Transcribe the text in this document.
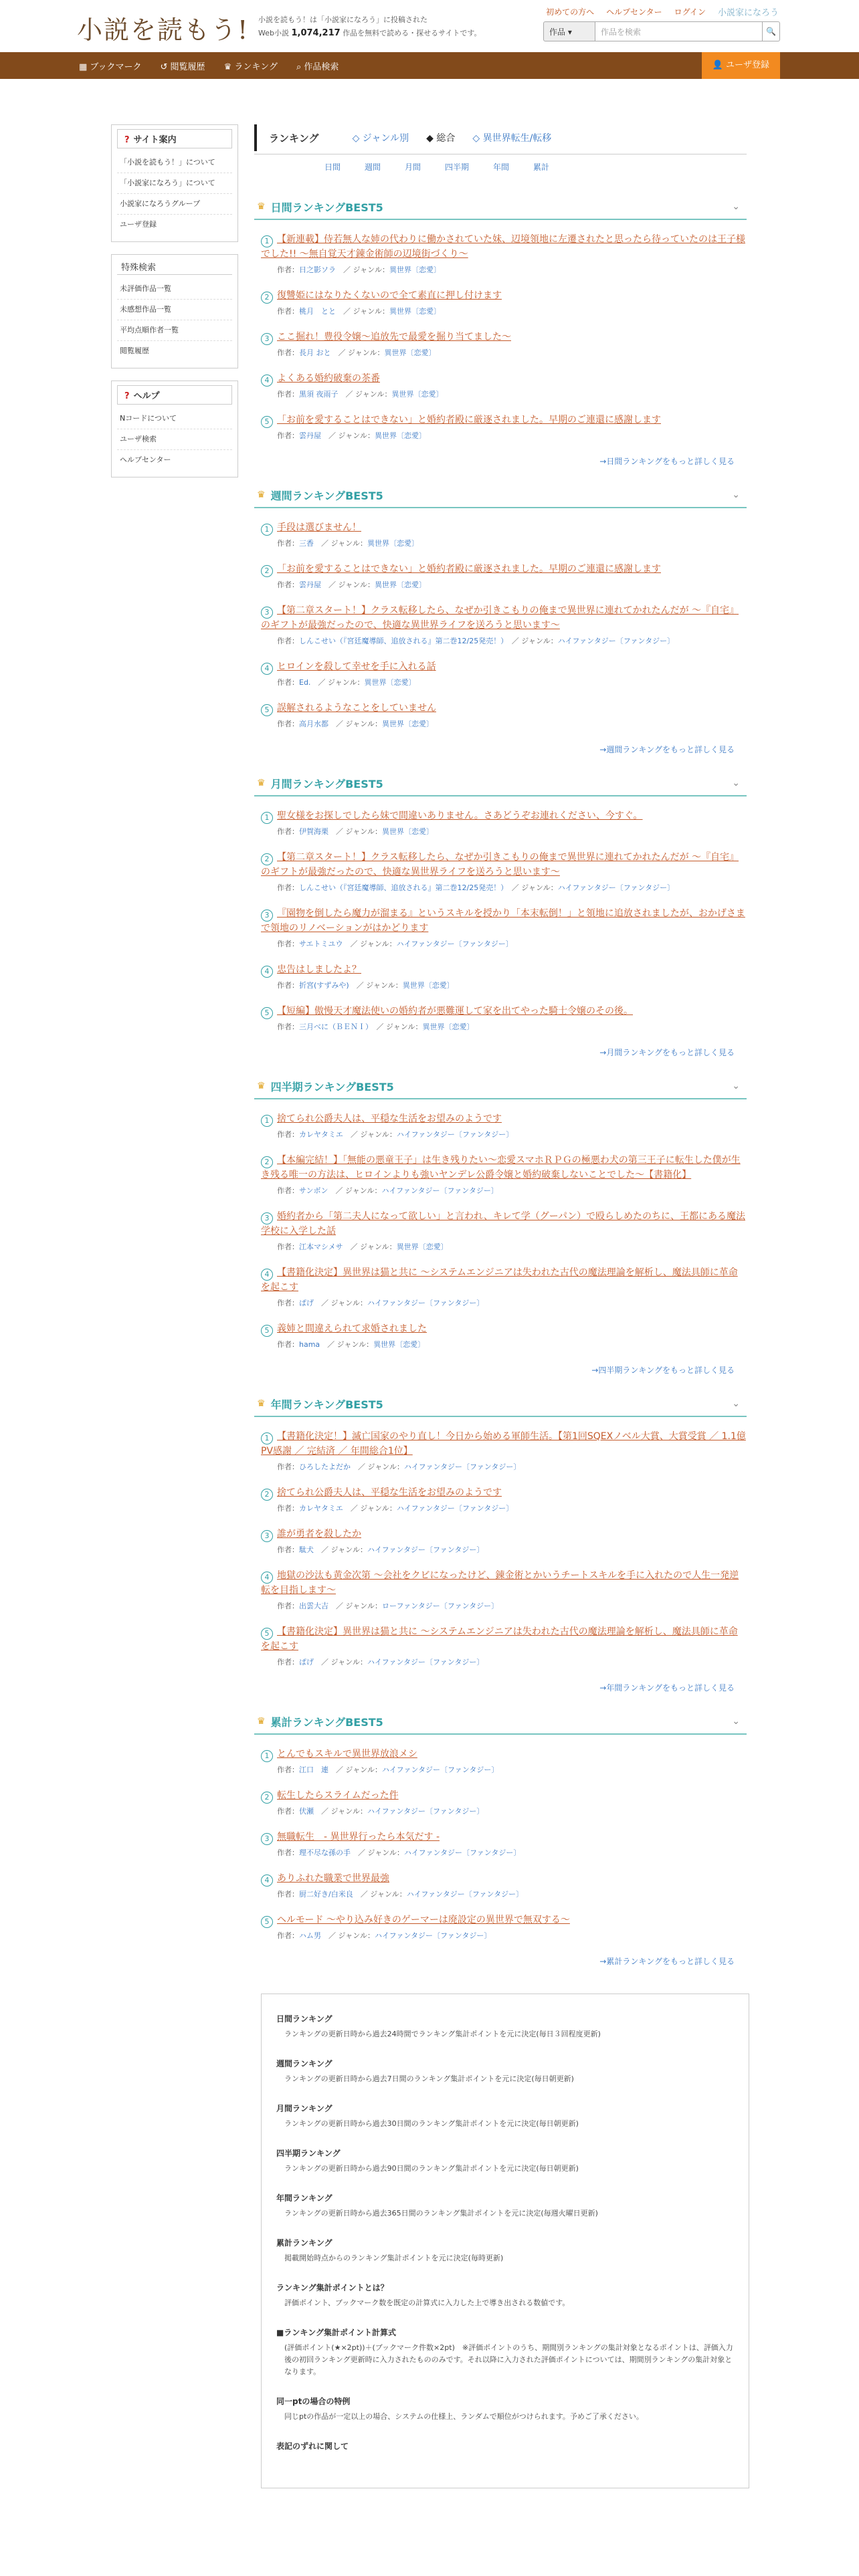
小説を読もう! 小説を読もう！は「小説家になろう」に投稿された
Web小説 1,074,217 作品を無料で読める・探せるサイトです。
初めての方へ ヘルプセンター ログイン 小説家になろう
作品 ▾	作品を検索	🔍
▦ ブックマーク ↺ 閲覧履歴 ♛ ランキング ⌕ 作品検索	👤 ユーザ登録
? サイト案内
「小説を読もう！」について
「小説家になろう」について
小説家になろうグループ
ユーザ登録
特殊検索
未評価作品一覧
未感想作品一覧
平均点順作者一覧
閲覧履歴
? ヘルプ
Nコードについて
ユーザ検索
ヘルプセンター
ランキング	◇ ジャンル別 ◆ 総合 ◇ 異世界転生/転移
日間	週間	月間	四半期	年間	累計
♛ 日間ランキングBEST5	⌄
1 【新連載】侍若無人な姉の代わりに働かされていた妹、辺境領地に左遷されたと思ったら待っていたのは王子様でした!! 〜無自覚天才錬金術師の辺境街づくり〜
作者：日之影ソラ　／ ジャンル：異世界〔恋愛〕
2 復讐姫にはなりたくないので全て素直に押し付けます
作者：桃月　とと　／ ジャンル：異世界〔恋愛〕
3 ここ掘れ！豊役令嬢〜追放先で最愛を掘り当てました〜
作者：長月 おと　／ ジャンル：異世界〔恋愛〕
4 よくある婚約破棄の茶番
作者：黒須 夜雨子　／ ジャンル：異世界〔恋愛〕
5 「お前を愛することはできない」と婚約者殿に厳逐されました。早期のご連還に感謝します
作者：雲丹屋　／ ジャンル：異世界〔恋愛〕
→日間ランキングをもっと詳しく見る
♛ 週間ランキングBEST5	⌄
1 手段は選びません！
作者：三香　／ ジャンル：異世界〔恋愛〕
2 「お前を愛することはできない」と婚約者殿に厳逐されました。早期のご連還に感謝します
作者：雲丹屋　／ ジャンル：異世界〔恋愛〕
3 【第二章スタート！】クラス転移したら、なぜか引きこもりの俺まで異世界に連れてかれたんだが 〜『自宅』のギフトが最強だったので、快適な異世界ライフを送ろうと思います〜
作者：しんこせい（『宮廷魔導師、追放される』第二巻12/25発売！）　／ ジャンル：ハイファンタジー〔ファンタジー〕
4 ヒロインを殺して幸せを手に入れる話
作者：Ed.　／ ジャンル：異世界〔恋愛〕
5 誤解されるようなことをしていません
作者：高月水都　／ ジャンル：異世界〔恋愛〕
→週間ランキングをもっと詳しく見る
♛ 月間ランキングBEST5	⌄
1 聖女様をお探しでしたら妹で間違いありません。さあどうぞお連れください、今すぐ。
作者：伊賀海栗　／ ジャンル：異世界〔恋愛〕
2 【第二章スタート！】クラス転移したら、なぜか引きこもりの俺まで異世界に連れてかれたんだが 〜『自宅』のギフトが最強だったので、快適な異世界ライフを送ろうと思います〜
作者：しんこせい（『宮廷魔導師、追放される』第二巻12/25発売！）　／ ジャンル：ハイファンタジー〔ファンタジー〕
3 『園物を倒したら魔力が溜まる』というスキルを授かり「本末転倒！」と領地に追放されましたが、おかげさまで領地のリノベーションがはかどります
作者：サエトミユウ　／ ジャンル：ハイファンタジー〔ファンタジー〕
4 忠告はしましたよ？
作者：折宮(すずみや)　／ ジャンル：異世界〔恋愛〕
5 【短編】傲慢天才魔法使いの婚約者が悪難運して家を出てやった騎士令嬢のその後。
作者：三月べに（ＢＥＮＩ）　／ ジャンル：異世界〔恋愛〕
→月間ランキングをもっと詳しく見る
♛ 四半期ランキングBEST5	⌄
1 捨てられ公爵夫人は、平穏な生活をお望みのようです
作者：カレヤタミエ　／ ジャンル：ハイファンタジー〔ファンタジー〕
2 【本編完結！】「無能の悪童王子」は生き残りたい〜恋愛スマホＲＰＧの極悪わ犬の第三王子に転生した僕が生き残る唯一の方法は、ヒロインよりも強いヤンデレ公爵令嬢と婚約破棄しないことでした〜【書籍化】
作者：サンボン　／ ジャンル：ハイファンタジー〔ファンタジー〕
3 婚約者から「第二夫人になって欲しい」と言われ、キレて学（グーパン）で殴らしめたのちに、王都にある魔法学校に入学した話
作者：江本マシメサ　／ ジャンル：異世界〔恋愛〕
4 【書籍化決定】異世界は猫と共に 〜システムエンジニアは失われた古代の魔法理論を解析し、魔法具師に革命を起こす
作者：ぱげ　／ ジャンル：ハイファンタジー〔ファンタジー〕
5 義姉と間違えられて求婚されました
作者：hama　／ ジャンル：異世界〔恋愛〕
→四半期ランキングをもっと詳しく見る
♛ 年間ランキングBEST5	⌄
1 【書籍化決定！】滅亡国家のやり直し！今日から始める軍師生活。【第1回SQEXノベル大賞、大賞受賞 ／ 1.1億PV感謝 ／ 完結済 ／ 年間総合1位】
作者：ひろしたよだか　／ ジャンル：ハイファンタジー〔ファンタジー〕
2 捨てられ公爵夫人は、平穏な生活をお望みのようです
作者：カレヤタミエ　／ ジャンル：ハイファンタジー〔ファンタジー〕
3 誰が勇者を殺したか
作者：駄犬　／ ジャンル：ハイファンタジー〔ファンタジー〕
4 地獄の沙汰も黄金次第 〜会社をクビになったけど、錬金術とかいうチートスキルを手に入れたので人生一発逆転を目指します〜
作者：出雲大吉　／ ジャンル：ローファンタジー〔ファンタジー〕
5 【書籍化決定】異世界は猫と共に 〜システムエンジニアは失われた古代の魔法理論を解析し、魔法具師に革命を起こす
作者：ぱげ　／ ジャンル：ハイファンタジー〔ファンタジー〕
→年間ランキングをもっと詳しく見る
♛ 累計ランキングBEST5	⌄
1 とんでもスキルで異世界放浪メシ
作者：江口　連　／ ジャンル：ハイファンタジー〔ファンタジー〕
2 転生したらスライムだった件
作者：伏瀬　／ ジャンル：ハイファンタジー〔ファンタジー〕
3 無職転生　- 異世界行ったら本気だす -
作者：理不尽な孫の手　／ ジャンル：ハイファンタジー〔ファンタジー〕
4 ありふれた職業で世界最強
作者：厨二好き/白米良　／ ジャンル：ハイファンタジー〔ファンタジー〕
5 ヘルモード 〜やり込み好きのゲーマーは廃設定の異世界で無双する〜
作者：ハム男　／ ジャンル：ハイファンタジー〔ファンタジー〕
→累計ランキングをもっと詳しく見る
日間ランキング
ランキングの更新日時から過去24時間でランキング集計ポイントを元に決定(毎日３回程度更新)
週間ランキング
ランキングの更新日時から過去7日間のランキング集計ポイントを元に決定(毎日朝更新)
月間ランキング
ランキングの更新日時から過去30日間のランキング集計ポイントを元に決定(毎日朝更新)
四半期ランキング
ランキングの更新日時から過去90日間のランキング集計ポイントを元に決定(毎日朝更新)
年間ランキング
ランキングの更新日時から過去365日間のランキング集計ポイントを元に決定(毎週火曜日更新)
累計ランキング
掲載開始時点からのランキング集計ポイントを元に決定(毎時更新)
ランキング集計ポイントとは？
評価ポイント、ブックマーク数を既定の計算式に入力した上で導き出される数値です。
■ランキング集計ポイント計算式
(評価ポイント(★×2pt))＋(ブックマーク件数×2pt)　※評価ポイントのうち、期間別ランキングの集計対象となるポイントは、評価入力後の初回ランキング更新時に入力されたもののみです。それ以降に入力された評価ポイントについては、期間別ランキングの集計対象となります。
同一ptの場合の特例
同じptの作品が一定以上の場合、システムの仕様上、ランダムで順位がつけられます。予めご了承ください。
表記のずれに関して
